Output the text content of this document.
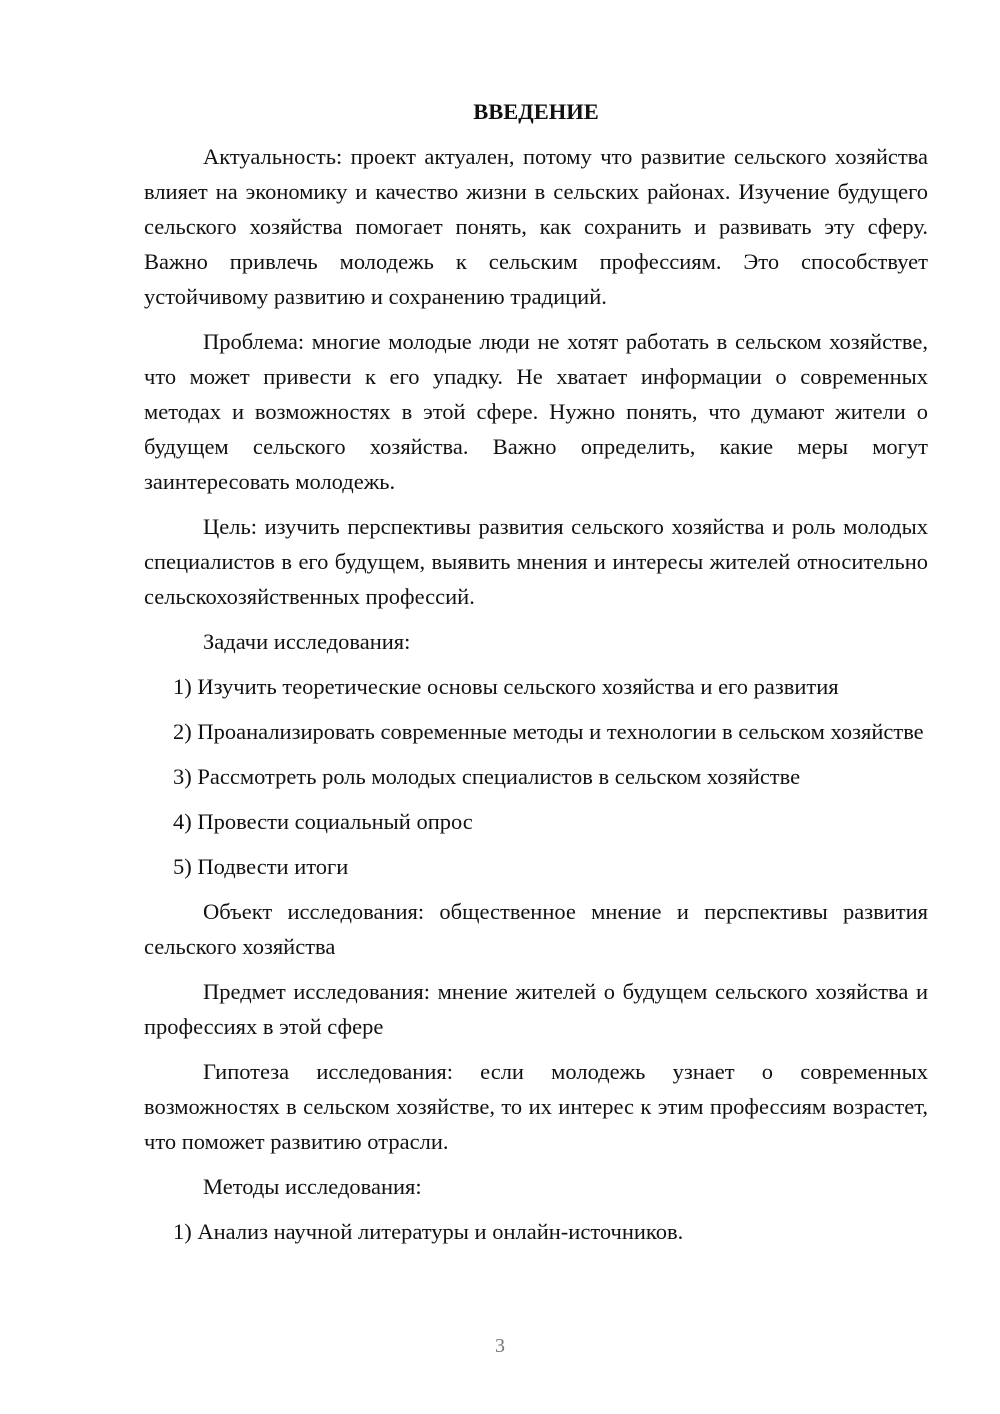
ВВЕДЕНИЕ

Актуальность: проект актуален, потому что развитие сельского хозяйства влияет на экономику и качество жизни в сельских районах. Изучение будущего сельского хозяйства помогает понять, как сохранить и развивать эту сферу. Важно привлечь молодежь к сельским профессиям. Это способствует устойчивому развитию и сохранению традиций.

Проблема: многие молодые люди не хотят работать в сельском хозяйстве, что может привести к его упадку. Не хватает информации о современных методах и возможностях в этой сфере. Нужно понять, что думают жители о будущем сельского хозяйства. Важно определить, какие меры могут заинтересовать молодежь.

Цель: изучить перспективы развития сельского хозяйства и роль молодых специалистов в его будущем, выявить мнения и интересы жителей относительно сельскохозяйственных профессий.

Задачи исследования:

1) Изучить теоретические основы сельского хозяйства и его развития

2) Проанализировать современные методы и технологии в сельском хозяйстве

3) Рассмотреть роль молодых специалистов в сельском хозяйстве

4) Провести социальный опрос

5) Подвести итоги

Объект исследования: общественное мнение и перспективы развития сельского хозяйства

Предмет исследования: мнение жителей о будущем сельского хозяйства и профессиях в этой сфере

Гипотеза исследования: если молодежь узнает о современных возможностях в сельском хозяйстве, то их интерес к этим профессиям возрастет, что поможет развитию отрасли.

Методы исследования:

1) Анализ научной литературы и онлайн-источников.

3
